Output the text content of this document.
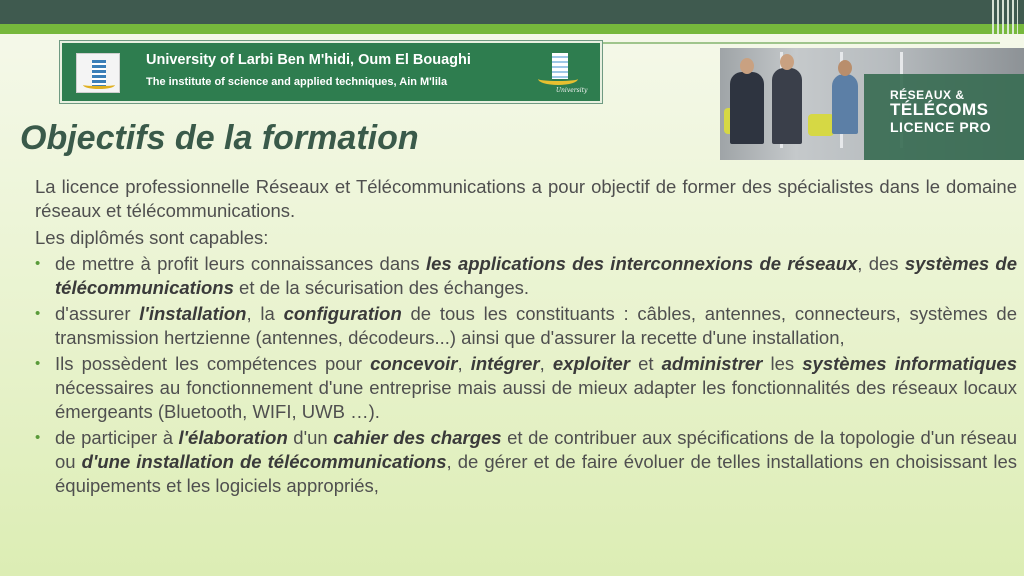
University of Larbi Ben M'hidi, Oum El Bouaghi
The institute of science and applied techniques, Ain M'lila
University	RÉSEAUX &
TÉLÉCOMS
LICENCE PRO
Objectifs de la formation

La licence professionnelle Réseaux et Télécommunications a pour objectif de former des spécialistes dans le domaine réseaux et télécommunications.

Les diplômés sont capables:

• de mettre à profit leurs connaissances dans les applications des interconnexions de réseaux, des systèmes de télécommunications et de la sécurisation des échanges.
• d'assurer l'installation, la configuration de tous les constituants : câbles, antennes, connecteurs, systèmes de transmission hertzienne (antennes, décodeurs...) ainsi que d'assurer la recette d'une installation,
• Ils possèdent les compétences pour concevoir, intégrer, exploiter et administrer les systèmes informatiques nécessaires au fonctionnement d'une entreprise mais aussi de mieux adapter les fonctionnalités des réseaux locaux émergeants (Bluetooth, WIFI, UWB …).
• de participer à l'élaboration d'un cahier des charges et de contribuer aux spécifications de la topologie d'un réseau ou d'une installation de télécommunications, de gérer et de faire évoluer de telles installations en choisissant les équipements et les logiciels appropriés,
